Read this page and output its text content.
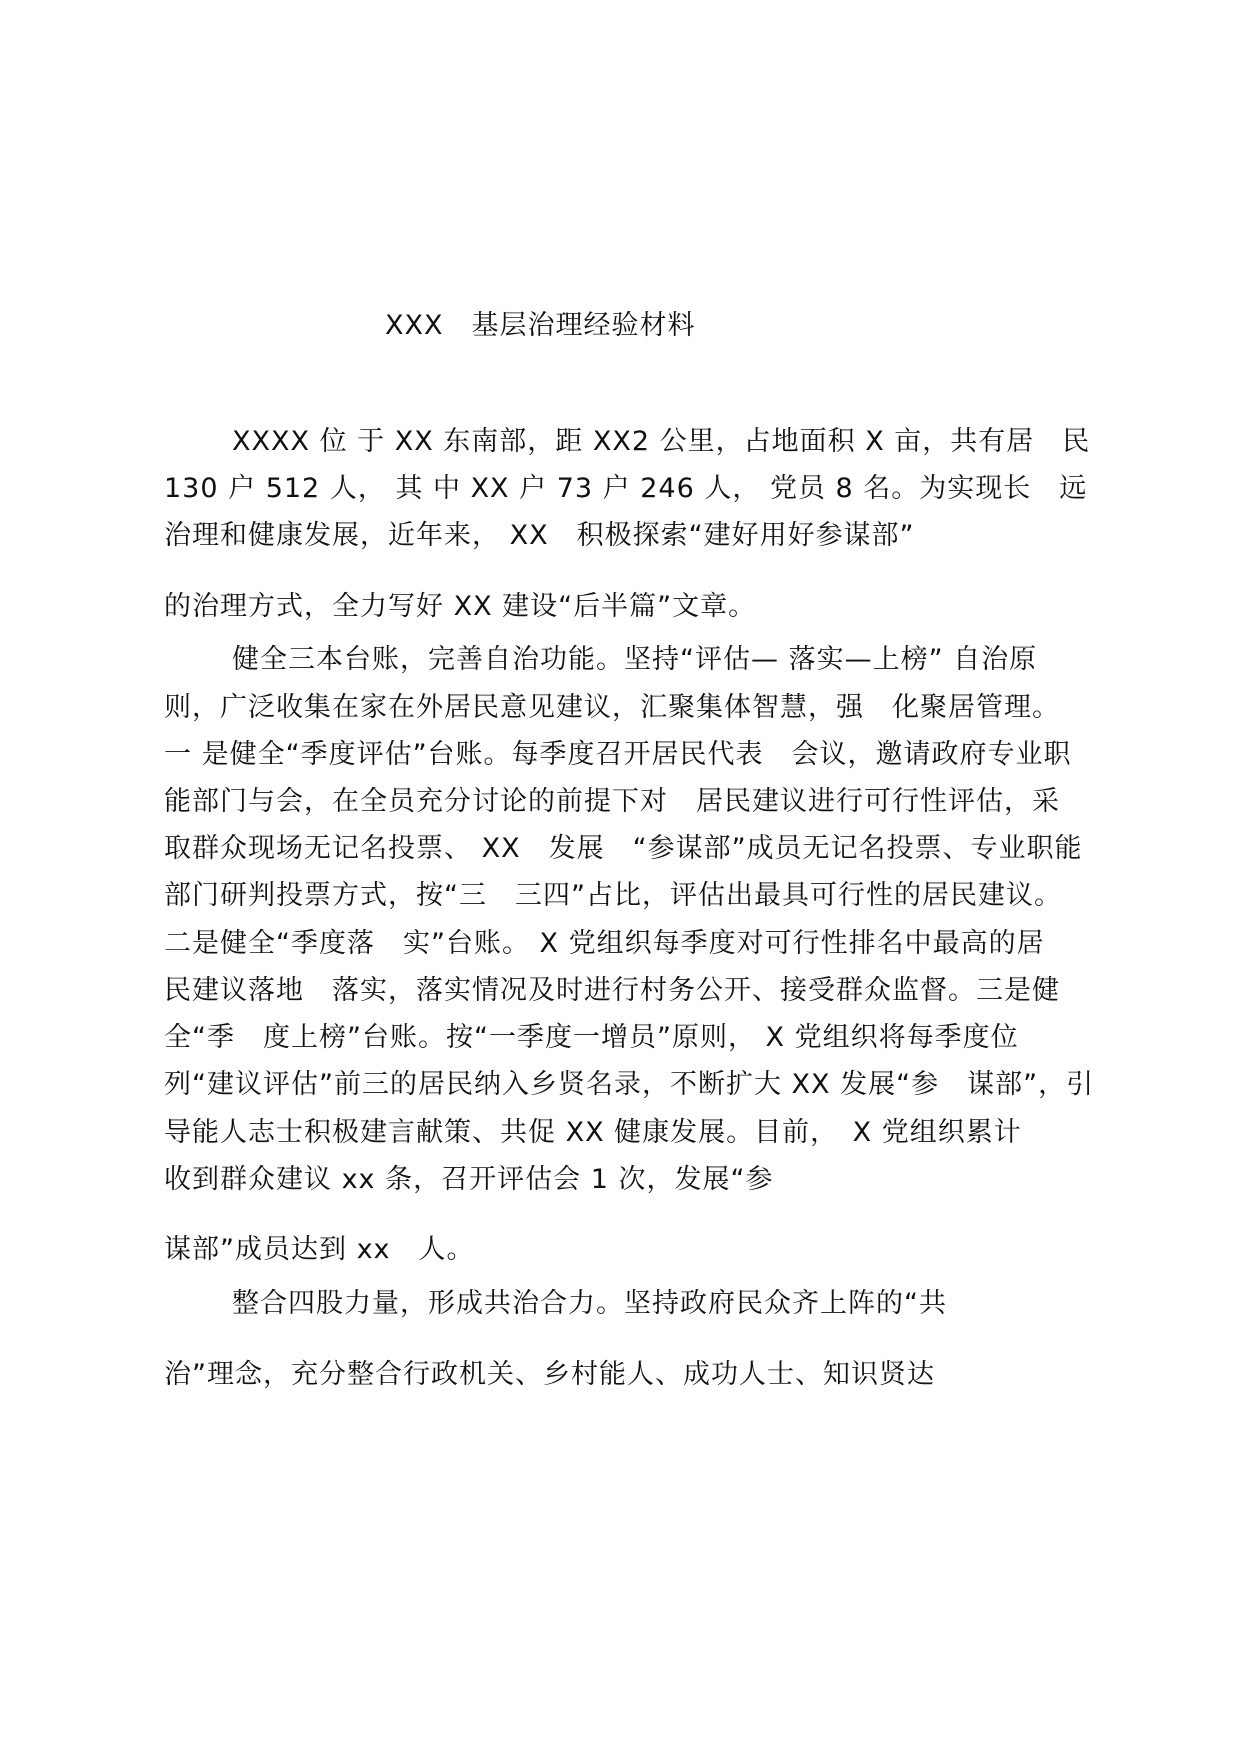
XXX　基层治理经验材料
XXXX 位 于 XX 东南部，距 XX2 公里，占地面积 X 亩，共有居　民
130 户 512 人， 其 中 XX 户 73 户 246 人， 党员 8 名。为实现长　远
治理和健康发展，近年来， XX　积极探索“建好用好参谋部”
的治理方式，全力写好 XX 建设“后半篇”文章。
健全三本台账，完善自治功能。坚持“评估— 落实—上榜” 自治原
则，广泛收集在家在外居民意见建议，汇聚集体智慧，强　化聚居管理。
一 是健全“季度评估”台账。每季度召开居民代表　会议，邀请政府专业职
能部门与会，在全员充分讨论的前提下对　居民建议进行可行性评估，采
取群众现场无记名投票、 XX　发展　“参谋部”成员无记名投票、专业职能
部门研判投票方式，按“三　三四”占比，评估出最具可行性的居民建议。
二是健全“季度落　实”台账。 X 党组织每季度对可行性排名中最高的居
民建议落地　落实，落实情况及时进行村务公开、接受群众监督。三是健
全“季　度上榜”台账。按“一季度一增员”原则， X 党组织将每季度位
列“建议评估”前三的居民纳入乡贤名录，不断扩大 XX 发展“参　谋部”，引
导能人志士积极建言献策、共促 XX 健康发展。目前，　X 党组织累计
收到群众建议 xx 条，召开评估会 1 次，发展“参
谋部”成员达到 xx　人。
整合四股力量，形成共治合力。坚持政府民众齐上阵的“共
治”理念，充分整合行政机关、乡村能人、成功人士、知识贤达
